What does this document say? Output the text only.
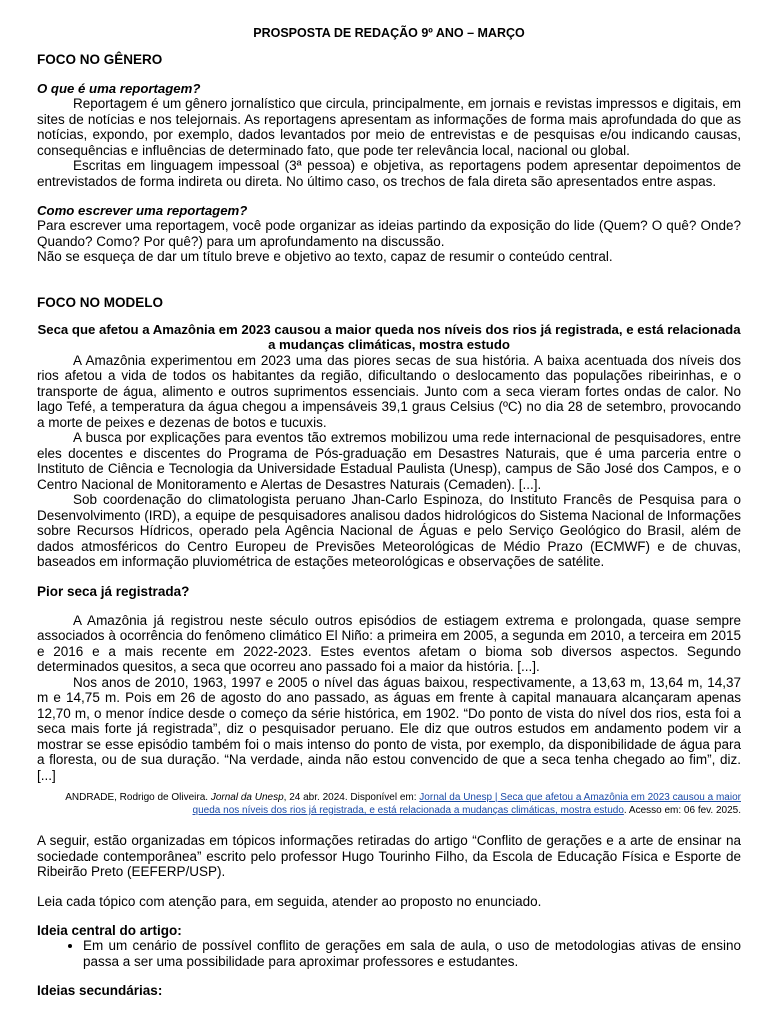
PROSPOSTA DE REDAÇÃO 9º ANO – MARÇO
FOCO NO GÊNERO
O que é uma reportagem?

Reportagem é um gênero jornalístico que circula, principalmente, em jornais e revistas impressos e digitais, em sites de notícias e nos telejornais. As reportagens apresentam as informações de forma mais aprofundada do que as notícias, expondo, por exemplo, dados levantados por meio de entrevistas e de pesquisas e/ou indicando causas, consequências e influências de determinado fato, que pode ter relevância local, nacional ou global.

Escritas em linguagem impessoal (3ª pessoa) e objetiva, as reportagens podem apresentar depoimentos de entrevistados de forma indireta ou direta. No último caso, os trechos de fala direta são apresentados entre aspas.

Como escrever uma reportagem?

Para escrever uma reportagem, você pode organizar as ideias partindo da exposição do lide (Quem? O quê? Onde? Quando? Como? Por quê?) para um aprofundamento na discussão.

Não se esqueça de dar um título breve e objetivo ao texto, capaz de resumir o conteúdo central.

FOCO NO MODELO
Seca que afetou a Amazônia em 2023 causou a maior queda nos níveis dos rios já registrada, e está relacionada a mudanças climáticas, mostra estudo

A Amazônia experimentou em 2023 uma das piores secas de sua história. A baixa acentuada dos níveis dos rios afetou a vida de todos os habitantes da região, dificultando o deslocamento das populações ribeirinhas, e o transporte de água, alimento e outros suprimentos essenciais. Junto com a seca vieram fortes ondas de calor. No lago Tefé, a temperatura da água chegou a impensáveis 39,1 graus Celsius (ºC) no dia 28 de setembro, provocando a morte de peixes e dezenas de botos e tucuxis.

A busca por explicações para eventos tão extremos mobilizou uma rede internacional de pesquisadores, entre eles docentes e discentes do Programa de Pós-graduação em Desastres Naturais, que é uma parceria entre o Instituto de Ciência e Tecnologia da Universidade Estadual Paulista (Unesp), campus de São José dos Campos, e o Centro Nacional de Monitoramento e Alertas de Desastres Naturais (Cemaden). [...].

Sob coordenação do climatologista peruano Jhan-Carlo Espinoza, do Instituto Francês de Pesquisa para o Desenvolvimento (IRD), a equipe de pesquisadores analisou dados hidrológicos do Sistema Nacional de Informações sobre Recursos Hídricos, operado pela Agência Nacional de Águas e pelo Serviço Geológico do Brasil, além de dados atmosféricos do Centro Europeu de Previsões Meteorológicas de Médio Prazo (ECMWF) e de chuvas, baseados em informação pluviométrica de estações meteorológicas e observações de satélite.

Pior seca já registrada?

A Amazônia já registrou neste século outros episódios de estiagem extrema e prolongada, quase sempre associados à ocorrência do fenômeno climático El Niño: a primeira em 2005, a segunda em 2010, a terceira em 2015 e 2016 e a mais recente em 2022-2023. Estes eventos afetam o bioma sob diversos aspectos. Segundo determinados quesitos, a seca que ocorreu ano passado foi a maior da história. [...].

Nos anos de 2010, 1963, 1997 e 2005 o nível das águas baixou, respectivamente, a 13,63 m, 13,64 m, 14,37 m e 14,75 m. Pois em 26 de agosto do ano passado, as águas em frente à capital manauara alcançaram apenas 12,70 m, o menor índice desde o começo da série histórica, em 1902. “Do ponto de vista do nível dos rios, esta foi a seca mais forte já registrada”, diz o pesquisador peruano. Ele diz que outros estudos em andamento podem vir a mostrar se esse episódio também foi o mais intenso do ponto de vista, por exemplo, da disponibilidade de água para a floresta, ou de sua duração. “Na verdade, ainda não estou convencido de que a seca tenha chegado ao fim”, diz. [...]

ANDRADE, Rodrigo de Oliveira. Jornal da Unesp, 24 abr. 2024. Disponível em: Jornal da Unesp | Seca que afetou a Amazônia em 2023 causou a maior queda nos níveis dos rios já registrada, e está relacionada a mudanças climáticas, mostra estudo. Acesso em: 06 fev. 2025.

A seguir, estão organizadas em tópicos informações retiradas do artigo “Conflito de gerações e a arte de ensinar na sociedade contemporânea” escrito pelo professor Hugo Tourinho Filho, da Escola de Educação Física e Esporte de Ribeirão Preto (EEFERP/USP).

Leia cada tópico com atenção para, em seguida, atender ao proposto no enunciado.

Ideia central do artigo:
• Em um cenário de possível conflito de gerações em sala de aula, o uso de metodologias ativas de ensino passa a ser uma possibilidade para aproximar professores e estudantes.
Ideias secundárias:
